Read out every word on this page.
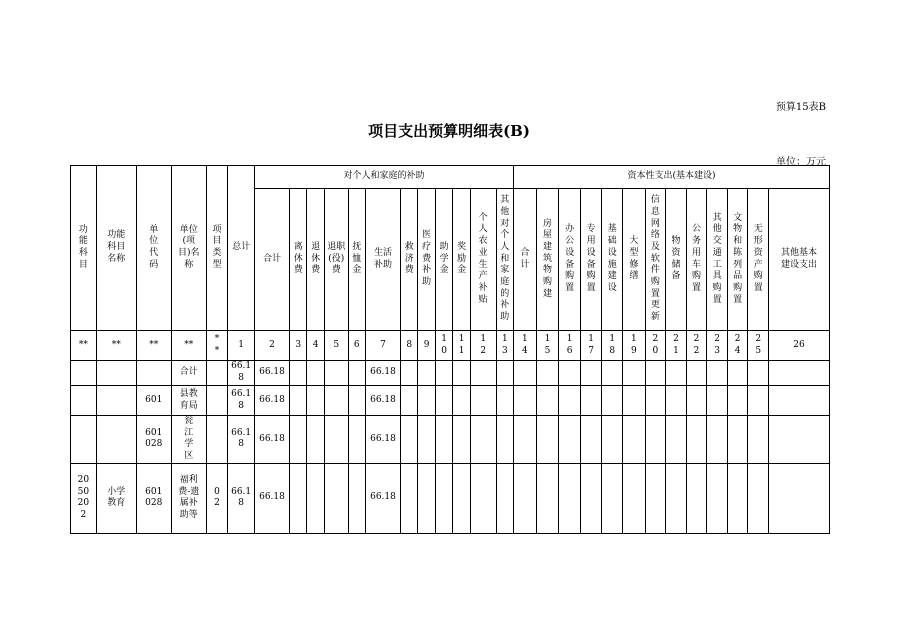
预算15表B
项目支出预算明细表(B)
单位：万元
功能科目	功能科目名称	单位代码	单位(项目)名称	项目类型	总计	对个人和家庭的补助												资本性支出(基本建设)												
						合计	离休费	退休费	退职(役)费	抚恤金	生活补助	救济费	医疗费补助	助学金	奖励金	个人农业生产补贴	其他对个人和家庭的补助	合计	房屋建筑物购建	办公设备购置	专用设备购置	基础设施建设	大型修缮	信息网络及软件购置更新	物资储备	公务用车购置	其他交通工具购置	文物和陈列品购置	无形资产购置	其他基本建设支出
**	**	**	**	**	1	2	3	4	5	6	7	8	9	10	11	12	13	14	15	16	17	18	19	20	21	22	23	24	25	26
			合计		66.18	66.18					66.18																			
		601	县教育局		66.18	66.18					66.18																			
		601028	瓮江学区		66.18	66.18					66.18																			
2050202	小学教育	601028	福利费-遗属补助等	02	66.18	66.18					66.18																			
